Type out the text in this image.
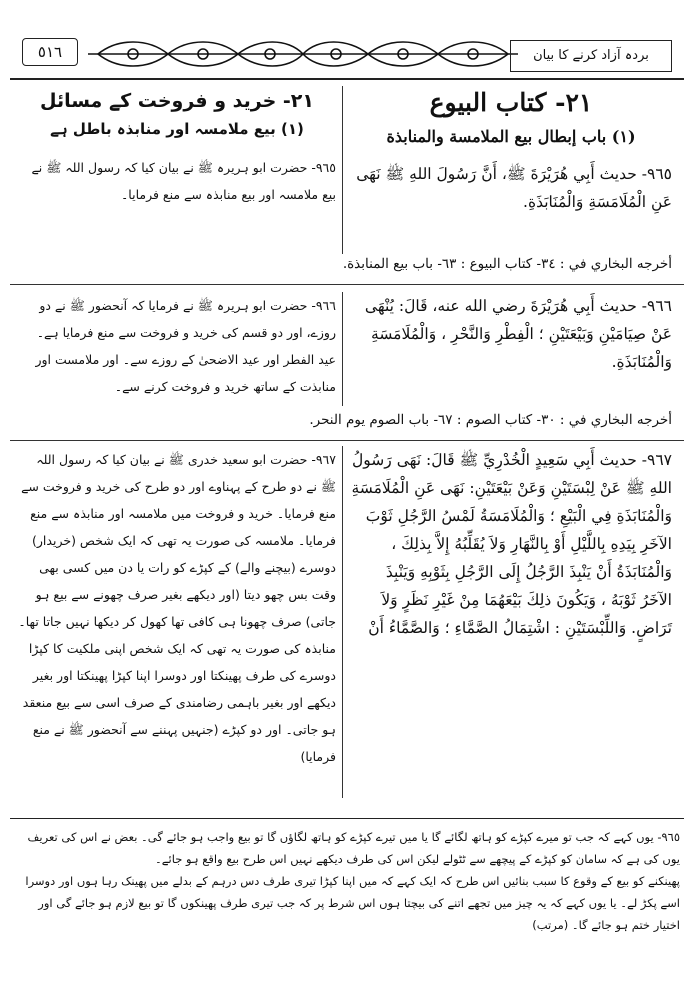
٥١٦	بردہ آزاد کرنے کا بیان
٢١- كتاب البيوع
(١) باب إبطال بيع الملامسة والمنابذة
٩٦٥- حديث أَبِي هُرَيْرَةَ ﷺ، أَنَّ رَسُولَ اللهِ ﷺ نَهَى عَنِ الْمُلَامَسَةِ وَالْمُنَابَذَةِ.
٩٦٦- حديث أَبِي هُرَيْرَةَ رضي الله عنه، قَالَ: يُنْهَى عَنْ صِيَامَيْنِ وَبَيْعَتَيْنِ ؛ الْفِطْرِ وَالنَّحْرِ ، وَالْمُلَامَسَةِ وَالْمُنَابَذَةِ.
٩٦٧- حديث أَبِي سَعِيدٍ الْخُدْرِيِّ ﷺ قَالَ: نَهَى رَسُولُ اللهِ ﷺ عَنْ لِبْسَتَيْنِ وَعَنْ بَيْعَتَيْنِ: نَهَى عَنِ الْمُلَامَسَةِ وَالْمُنَابَذَةِ فِي الْبَيْعِ ؛ وَالْمُلَامَسَةُ لَمْسُ الرَّجُلِ ثَوْبَ الآخَرِ بِيَدِهِ بِاللَّيْلِ أَوْ بِالنَّهَارِ وَلاَ يُقَلِّبُهُ إِلاَّ بِذلِكَ ، وَالْمُنَابَذَةُ أَنْ يَنْبِذَ الرَّجُلُ إِلَى الرَّجُلِ بِثَوْبِهِ وَيَنْبِذَ الآخَرُ ثَوْبَهُ ، وَيَكُونَ ذلِكَ بَيْعَهُمَا مِنْ غَيْرِ نَظَرٍ وَلاَ تَرَاضٍ. وَاللِّبْسَتَيْنِ : اشْتِمَالُ الصَّمَّاءِ ؛ وَالصَّمَّاءُ أَنْ
٢١- خرید و فروخت کے مسائل
(١) بیع ملامسہ اور منابذہ باطل ہے
٩٦٥- حضرت ابو ہریرہ ﷺ نے بیان کیا کہ رسول اللہ ﷺ نے بیع ملامسہ اور بیع منابذہ سے منع فرمایا۔
٩٦٦- حضرت ابو ہریرہ ﷺ نے فرمایا کہ آنحضور ﷺ نے دو روزے، اور دو قسم کی خرید و فروخت سے منع فرمایا ہے۔ عید الفطر اور عید الاضحیٰ کے روزے سے۔ اور ملامست اور منابذت کے ساتھ خرید و فروخت کرنے سے۔
٩٦٧- حضرت ابو سعید خدری ﷺ نے بیان کیا کہ رسول اللہ ﷺ نے دو طرح کے پہناوے اور دو طرح کی خرید و فروخت سے منع فرمایا۔ خرید و فروخت میں ملامسہ اور منابذہ سے منع فرمایا۔ ملامسہ کی صورت یہ تھی کہ ایک شخص (خریدار) دوسرے (بیچنے والے) کے کپڑے کو رات یا دن میں کسی بھی وقت بس چھو دیتا (اور دیکھے بغیر صرف چھونے سے بیع ہو جاتی) صرف چھونا ہی کافی تھا کھول کر دیکھا نہیں جاتا تھا۔ منابذہ کی صورت یہ تھی کہ ایک شخص اپنی ملکیت کا کپڑا دوسرے کی طرف پھینکتا اور دوسرا اپنا کپڑا پھینکتا اور بغیر دیکھے اور بغیر باہمی رضامندی کے صرف اسی سے بیع منعقد ہو جاتی۔ اور دو کپڑے (جنہیں پہننے سے آنحضور ﷺ نے منع فرمایا)
أخرجه البخاري في : ٣٤- كتاب البيوع : ٦٣- باب بيع المنابذة.
أخرجه البخاري في : ٣٠- كتاب الصوم : ٦٧- باب الصوم يوم النحر.

٩٦٥- یوں کہے کہ جب تو میرے کپڑے کو ہاتھ لگائے گا یا میں تیرے کپڑے کو ہاتھ لگاؤں گا تو بیع واجب ہو جائے گی۔ بعض نے اس کی تعریف یوں کی ہے کہ سامان کو کپڑے کے پیچھے سے ٹٹولے لیکن اس کی طرف دیکھے نہیں اس طرح بیع واقع ہو جائے۔

پھینکنے کو بیع کے وقوع کا سبب بنائیں اس طرح کہ ایک کہے کہ میں اپنا کپڑا تیری طرف دس درہم کے بدلے میں پھینک رہا ہوں اور دوسرا اسے پکڑ لے۔ یا یوں کہے کہ یہ چیز میں تجھے اتنے کی بیچتا ہوں اس شرط پر کہ جب تیری طرف پھینکوں گا تو بیع لازم ہو جائے گی اور اختیار ختم ہو جائے گا۔ (مرتب)
